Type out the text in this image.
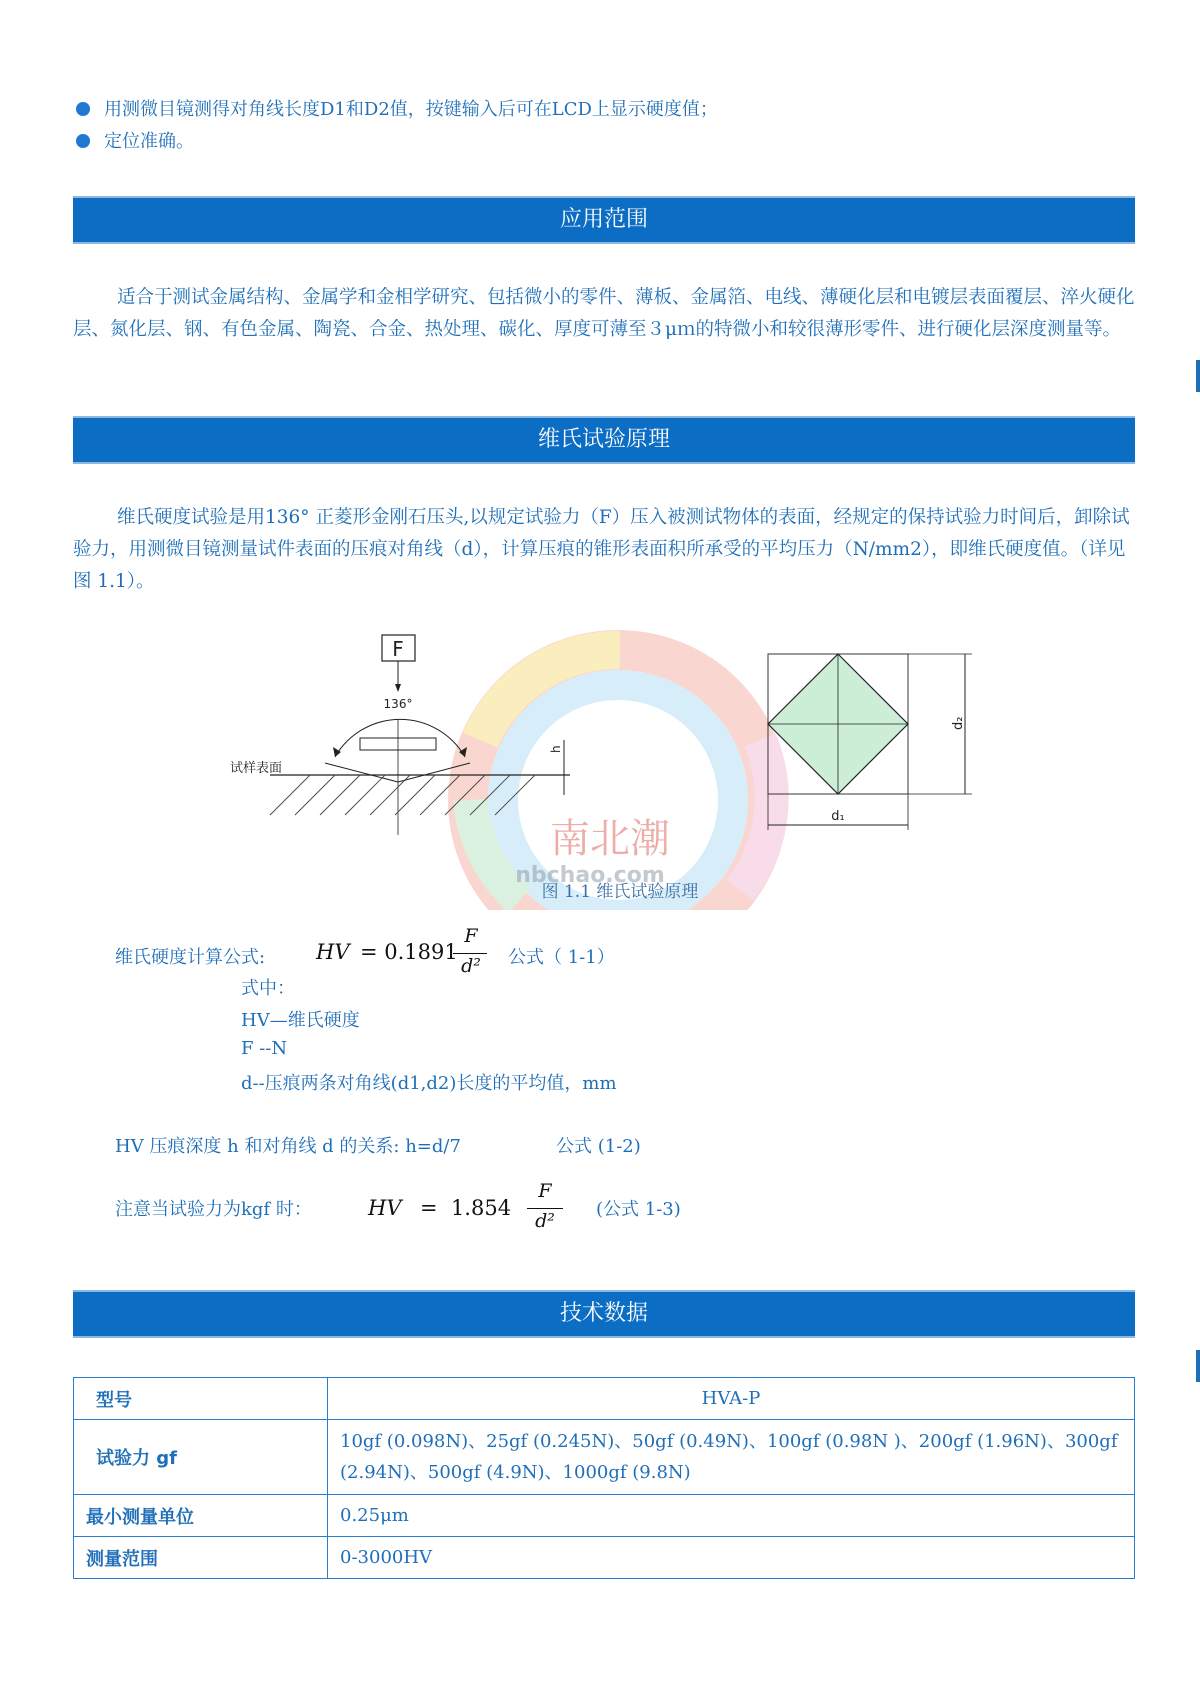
用测微目镜测得对角线长度D1和D2值，按键输入后可在LCD上显示硬度值；
定位准确。
应用范围
适合于测试金属结构、金属学和金相学研究、包括微小的零件、薄板、金属箔、电线、薄硬化层和电镀层表面覆层、淬火硬化层、氮化层、钢、有色金属、陶瓷、合金、热处理、碳化、厚度可薄至３μｍ的特微小和较很薄形零件、进行硬化层深度测量等。
维氏试验原理
维氏硬度试验是用136° 正菱形金刚石压头,以规定试验力（F）压入被测试物体的表面，经规定的保持试验力时间后，卸除试验力，用测微目镜测量试件表面的压痕对角线（d），计算压痕的锥形表面积所承受的平均压力（N/mm2），即维氏硬度值。（详见图 1.1）。
南北潮
nbchao.com
F
136°
h
试样表面
d₂
d₁
图 1.1 维氏试验原理
维氏硬度计算公式: HV = 0.1891
F
d² 公式（ 1-1）
式中：
HV—维氏硬度
F --N
d--压痕两条对角线(d1,d2)长度的平均值，mm
HV 压痕深度 h 和对角线 d 的关系: h=d/7	公式 (1-2)
注意当试验力为kgf 时：	HV =  1.854
F
d²
(公式 1-3)
技术数据
型号	HVA-P
试验力 gf	10gf (0.098N)、25gf (0.245N)、50gf (0.49N)、100gf (0.98N )、200gf (1.96N)、300gf (2.94N)、500gf (4.9N)、1000gf (9.8N)
最小测量单位	0.25μm
测量范围	0-3000HV
